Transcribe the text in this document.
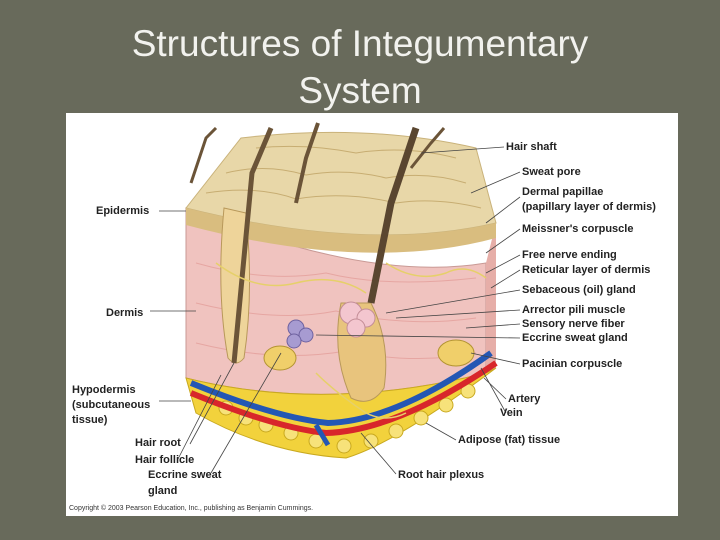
Structures of Integumentary
System
Epidermis
Dermis
Hypodermis
(subcutaneous
tissue)
Hair root
Hair follicle
Eccrine sweat
gland
Hair shaft
Sweat pore
Dermal papillae
(papillary layer of dermis)
Meissner's corpuscle
Free nerve ending
Reticular layer of dermis
Sebaceous (oil) gland
Arrector pili muscle
Sensory nerve fiber
Eccrine sweat gland
Pacinian corpuscle
Artery
Vein
Adipose (fat) tissue
Root hair plexus
Copyright © 2003 Pearson Education, Inc., publishing as Benjamin Cummings.
